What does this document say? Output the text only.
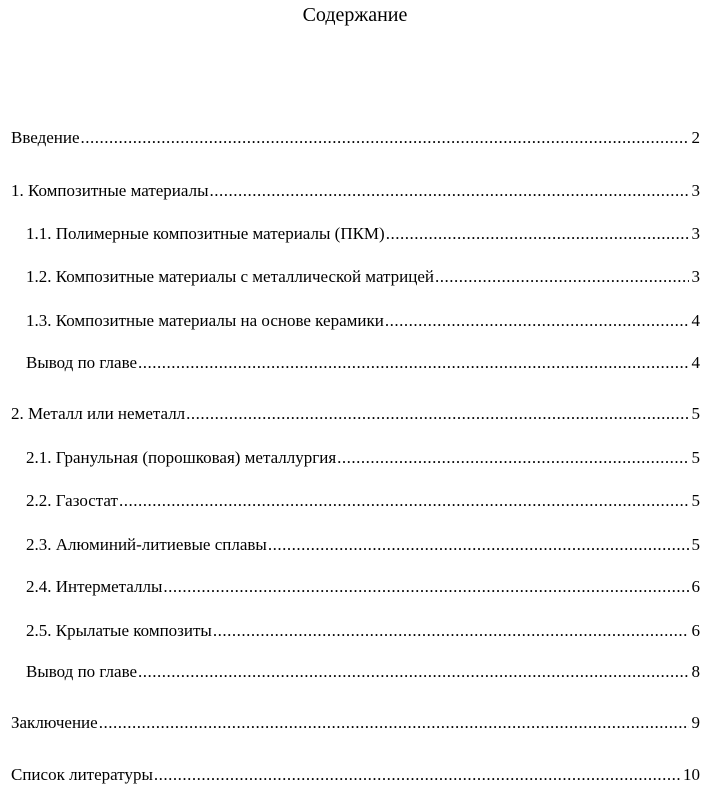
Содержание
Введение .....	2
1. Композитные материалы .....	3
1.1. Полимерные композитные материалы (ПКМ) .....	3
1.2. Композитные материалы с металлической матрицей .....	3
1.3. Композитные материалы на основе керамики .....	4
Вывод по главе .....	4
2. Металл или неметалл .....	5
2.1. Гранульная (порошковая) металлургия .....	5
2.2. Газостат .....	5
2.3. Алюминий-литиевые сплавы .....	5
2.4. Интерметаллы .....	6
2.5. Крылатые композиты .....	6
Вывод по главе .....	8
Заключение .....	9
Список литературы .....	10
